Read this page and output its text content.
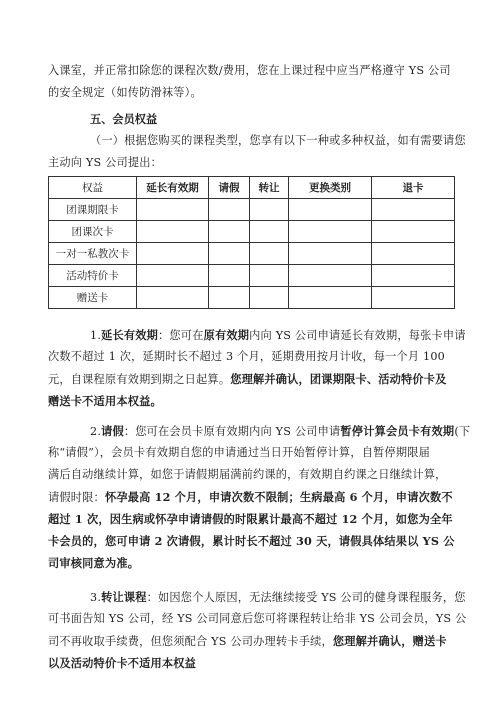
入课室，并正常扣除您的课程次数/费用，您在上课过程中应当严格遵守 YS 公司
的安全规定（如传防滑袜等）。
五、会员权益
（一）根据您购买的课程类型，您享有以下一种或多种权益，如有需要请您
主动向 YS 公司提出：
权益	延长有效期	请假	转让	更换类别	退卡
团课期限卡					
团课次卡					
一对一私教次卡					
活动特价卡					
赠送卡					
1.延长有效期：您可在原有效期内向 YS 公司申请延长有效期，每张卡申请
次数不超过 1 次，延期时长不超过 3 个月，延期费用按月计收，每一个月 100
元，自课程原有效期到期之日起算。您理解并确认，团课期限卡、活动特价卡及
赠送卡不适用本权益。
2.请假：您可在会员卡原有效期内向 YS 公司申请暂停计算会员卡有效期(下
称“请假”），会员卡有效期自您的申请通过当日开始暂停计算，自暂停期限届
满后自动继续计算，如您于请假期届满前约课的，有效期自约课之日继续计算，
请假时限：怀孕最高 12 个月，申请次数不限制；生病最高 6 个月，申请次数不
超过 1 次，因生病或怀孕申请请假的时限累计最高不超过 12 个月，如您为全年
卡会员的，您可申请 2 次请假，累计时长不超过 30 天，请假具体结果以 YS 公
司审核同意为准。
3.转让课程：如因您个人原因，无法继续接受 YS 公司的健身课程服务，您
可书面告知 YS 公司，经 YS 公司同意后您可将课程转让给非 YS 公司会员，YS 公
司不再收取手续费，但您须配合 YS 公司办理转卡手续，您理解并确认，赠送卡
以及活动特价卡不适用本权益
